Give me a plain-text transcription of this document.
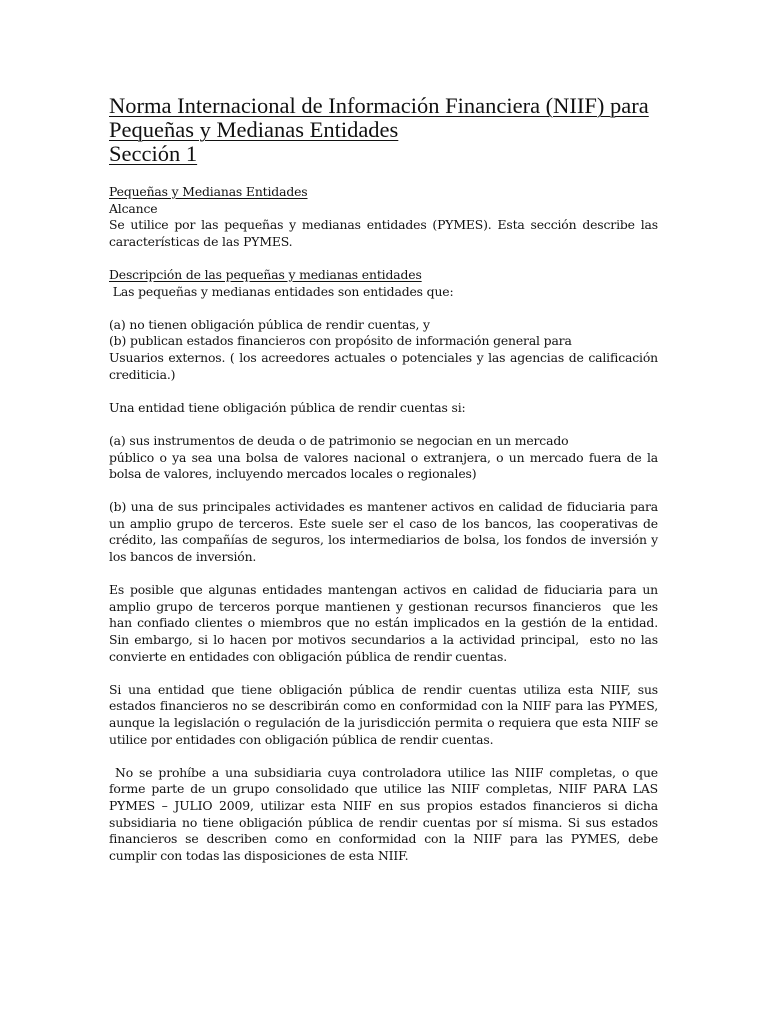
Norma Internacional de Información Financiera (NIIF) para
Pequeñas y Medianas Entidades
Sección 1

Pequeñas y Medianas Entidades

Alcance

Se utilice por las pequeñas y medianas entidades (PYMES). Esta sección describe las características de las PYMES.

Descripción de las pequeñas y medianas entidades

Las pequeñas y medianas entidades son entidades que:

(a) no tienen obligación pública de rendir cuentas, y

(b) publican estados financieros con propósito de información general para

Usuarios externos. ( los acreedores actuales o potenciales y las agencias de calificación crediticia.)

Una entidad tiene obligación pública de rendir cuentas si:

(a) sus instrumentos de deuda o de patrimonio se negocian en un mercado

público o ya sea una bolsa de valores nacional o extranjera, o un mercado fuera de la bolsa de valores, incluyendo mercados locales o regionales)

(b) una de sus principales actividades es mantener activos en calidad de fiduciaria para un amplio grupo de terceros. Este suele ser el caso de los bancos, las cooperativas de crédito, las compañías de seguros, los intermediarios de bolsa, los fondos de inversión y los bancos de inversión.

Es posible que algunas entidades mantengan activos en calidad de fiduciaria para un amplio grupo de terceros porque mantienen y gestionan recursos financieros  que les han confiado clientes o miembros que no están implicados en la gestión de la entidad. Sin embargo, si lo hacen por motivos secundarios a la actividad principal,  esto no las convierte en entidades con obligación pública de rendir cuentas.

Si una entidad que tiene obligación pública de rendir cuentas utiliza esta NIIF, sus estados financieros no se describirán como en conformidad con la NIIF para las PYMES, aunque la legislación o regulación de la jurisdicción permita o requiera que esta NIIF se utilice por entidades con obligación pública de rendir cuentas.

No se prohíbe a una subsidiaria cuya controladora utilice las NIIF completas, o que forme parte de un grupo consolidado que utilice las NIIF completas, NIIF PARA LAS PYMES – JULIO 2009, utilizar esta NIIF en sus propios estados financieros si dicha subsidiaria no tiene obligación pública de rendir cuentas por sí misma. Si sus estados financieros se describen como en conformidad con la NIIF para las PYMES, debe cumplir con todas las disposiciones de esta NIIF.
